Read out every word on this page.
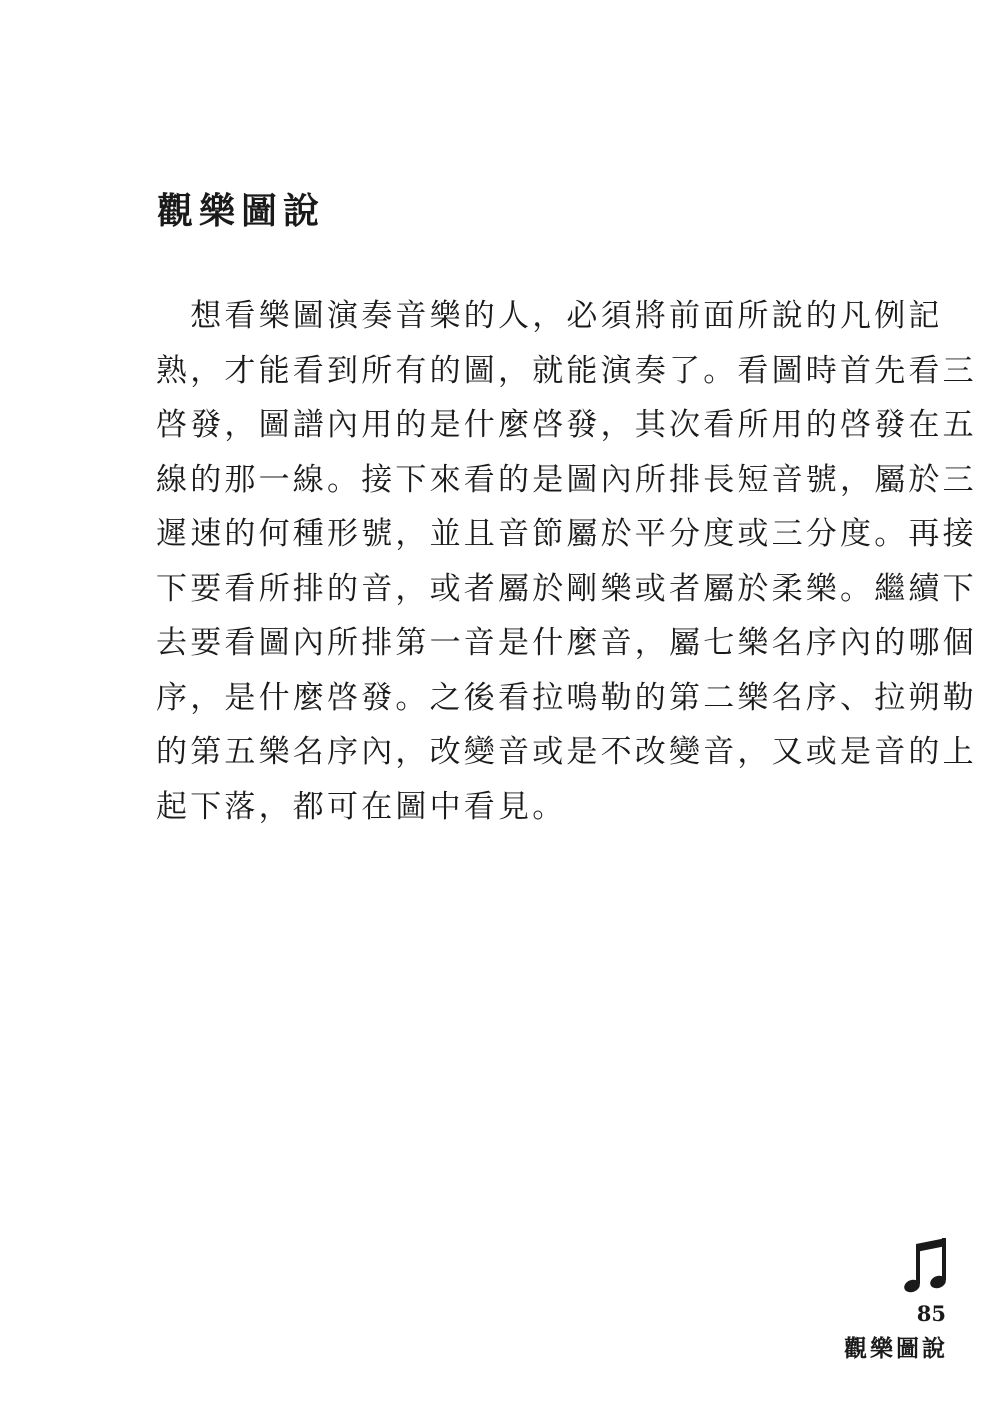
觀樂圖說
　想看樂圖演奏音樂的人，必須將前面所說的凡例記
熟，才能看到所有的圖，就能演奏了。看圖時首先看三
啓發，圖譜內用的是什麼啓發，其次看所用的啓發在五
線的那一線。接下來看的是圖內所排長短音號，屬於三
遲速的何種形號，並且音節屬於平分度或三分度。再接
下要看所排的音，或者屬於剛樂或者屬於柔樂。繼續下
去要看圖內所排第一音是什麼音，屬七樂名序內的哪個
序，是什麼啓發。之後看拉鳴勒的第二樂名序、拉朔勒
的第五樂名序內，改變音或是不改變音，又或是音的上
起下落，都可在圖中看見。
85
觀樂圖說
